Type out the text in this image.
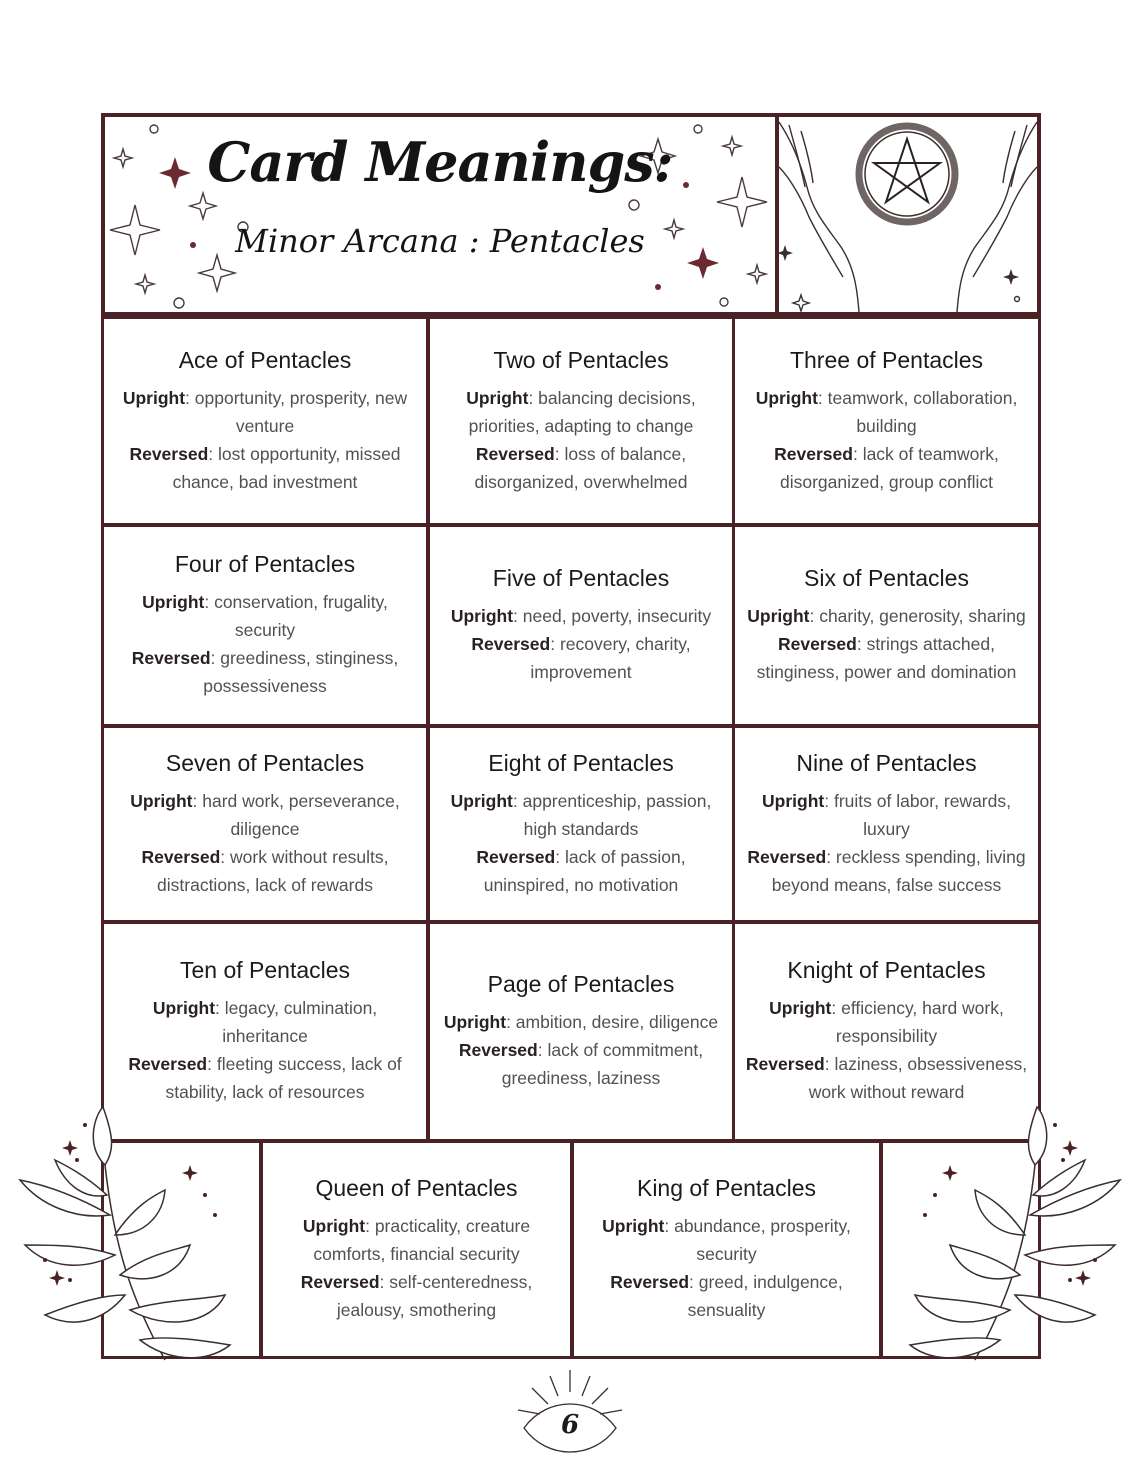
Card Meanings:
Minor Arcana : Pentacles
Ace of Pentacles
Upright: opportunity, prosperity, new venture
Reversed: lost opportunity, missed chance, bad investment
Two of Pentacles
Upright: balancing decisions, priorities, adapting to change
Reversed: loss of balance, disorganized, overwhelmed
Three of Pentacles
Upright: teamwork, collaboration, building
Reversed: lack of teamwork, disorganized, group conflict
Four of Pentacles
Upright: conservation, frugality, security
Reversed: greediness, stinginess, possessiveness
Five of Pentacles
Upright: need, poverty, insecurity
Reversed: recovery, charity, improvement
Six of Pentacles
Upright: charity, generosity, sharing
Reversed: strings attached, stinginess, power and domination
Seven of Pentacles
Upright: hard work, perseverance, diligence
Reversed: work without results, distractions, lack of rewards
Eight of Pentacles
Upright: apprenticeship, passion, high standards
Reversed: lack of passion, uninspired, no motivation
Nine of Pentacles
Upright: fruits of labor, rewards, luxury
Reversed: reckless spending, living beyond means, false success
Ten of Pentacles
Upright: legacy, culmination, inheritance
Reversed: fleeting success, lack of stability, lack of resources
Page of Pentacles
Upright: ambition, desire, diligence
Reversed: lack of commitment, greediness, laziness
Knight of Pentacles
Upright: efficiency, hard work, responsibility
Reversed: laziness, obsessiveness, work without reward
Queen of Pentacles
Upright: practicality, creature comforts, financial security
Reversed: self-centeredness, jealousy, smothering
King of Pentacles
Upright: abundance, prosperity, security
Reversed: greed, indulgence, sensuality
6
